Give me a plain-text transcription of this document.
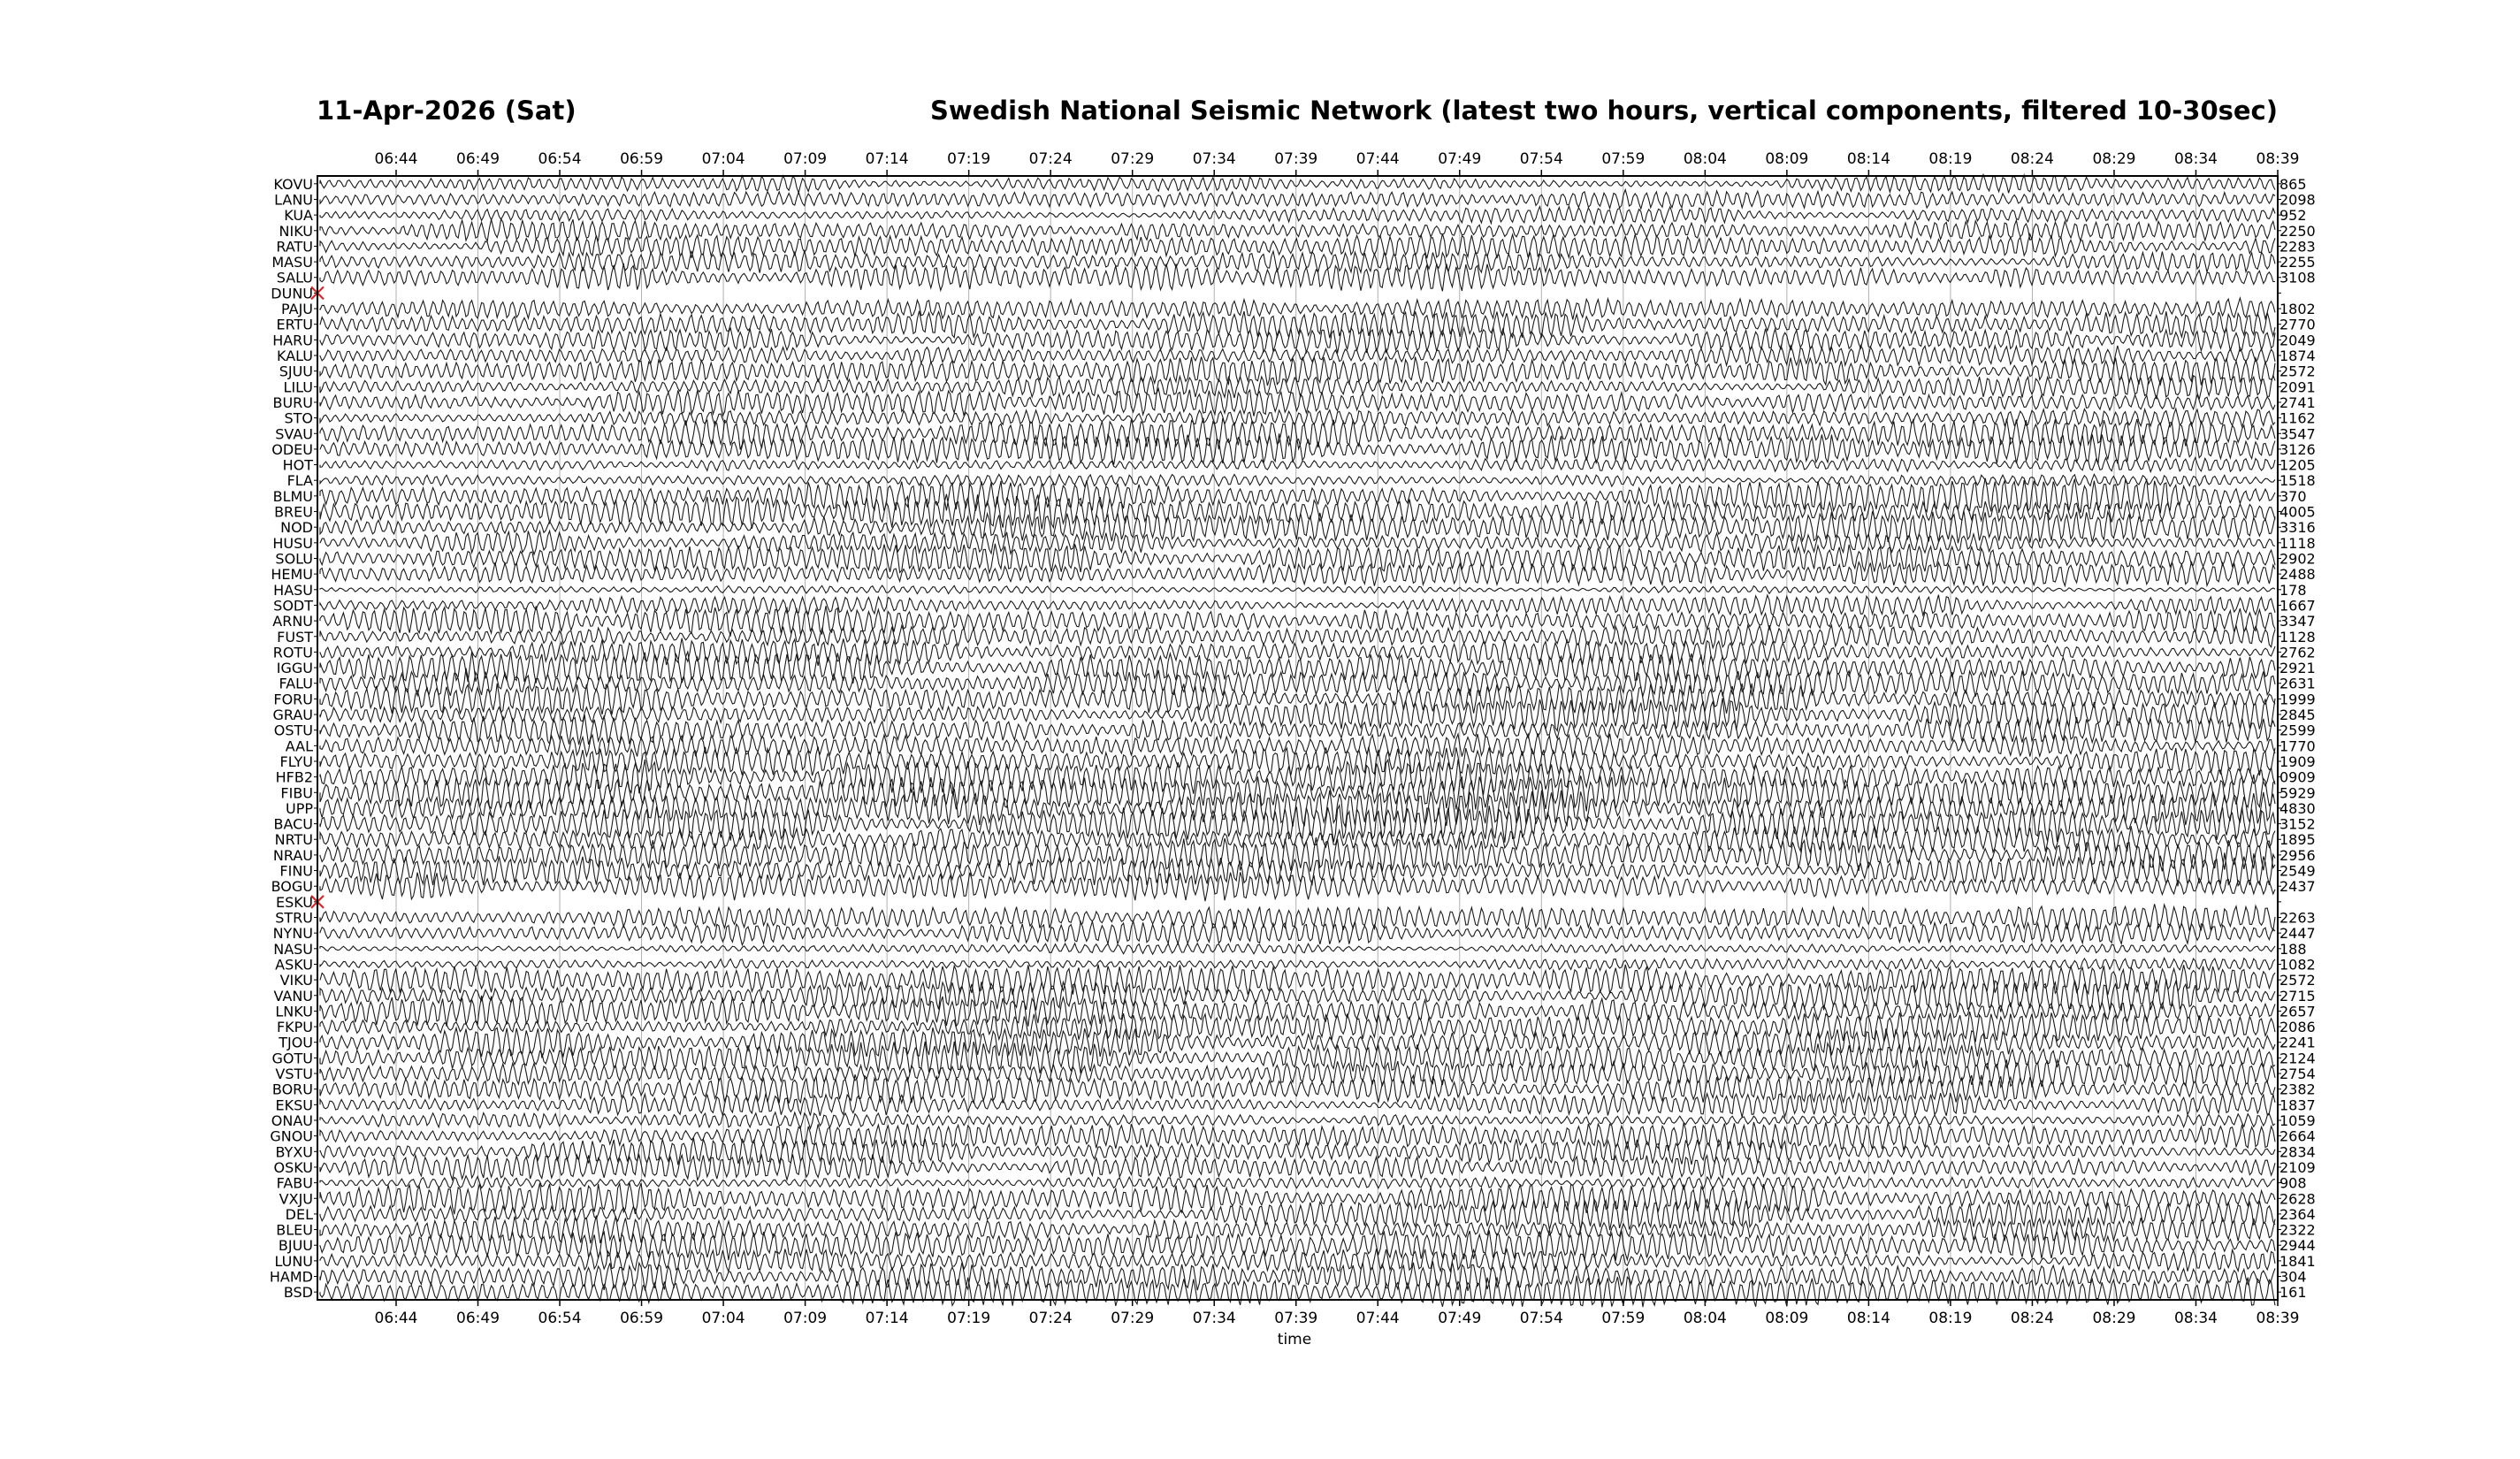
11-Apr-2026 (Sat)	Swedish National Seismic Network (latest two hours, vertical components, filtered 10-30sec)
06:44
06:44
06:49
06:49
06:54
06:54
06:59
06:59
07:04
07:04
07:09
07:09
07:14
07:14
07:19
07:19
07:24
07:24
07:29
07:29
07:34
07:34
07:39
07:39
07:44
07:44
07:49
07:49
07:54
07:54
07:59
07:59
08:04
08:04
08:09
08:09
08:14
08:14
08:19
08:19
08:24
08:24
08:29
08:29
08:34
08:34
08:39
08:39
KOVU	865
LANU	2098
KUA	952
NIKU	2250
RATU	2283
MASU	2255
SALU	3108
DUNU
PAJU	1802
ERTU	2770
HARU	2049
KALU	1874
SJUU	2572
LILU	2091
BURU	2741
STO	1162
SVAU	3547
ODEU	3126
HOT	1205
FLA	1518
BLMU	370
BREU	4005
NOD	3316
HUSU	1118
SOLU	2902
HEMU	2488
HASU	178
SODT	1667
ARNU	3347
FUST	1128
ROTU	2762
IGGU	2921
FALU	2631
FORU	1999
GRAU	2845
OSTU	2599
AAL	1770
FLYU	1909
HFB2	0909
FIBU	5929
UPP	4830
BACU	3152
NRTU	1895
NRAU	2956
FINU	2549
BOGU	2437
ESKU
STRU	2263
NYNU	2447
NASU	188
ASKU	1082
VIKU	2572
VANU	2715
LNKU	2657
FKPU	2086
TJOU	2241
GOTU	2124
VSTU	2754
BORU	2382
EKSU	1837
ONAU	1059
GNOU	2664
BYXU	2834
OSKU	2109
FABU	908
VXJU	2628
DEL	2364
BLEU	2322
BJUU	2944
LUNU	1841
HAMD	304
BSD	161
time
